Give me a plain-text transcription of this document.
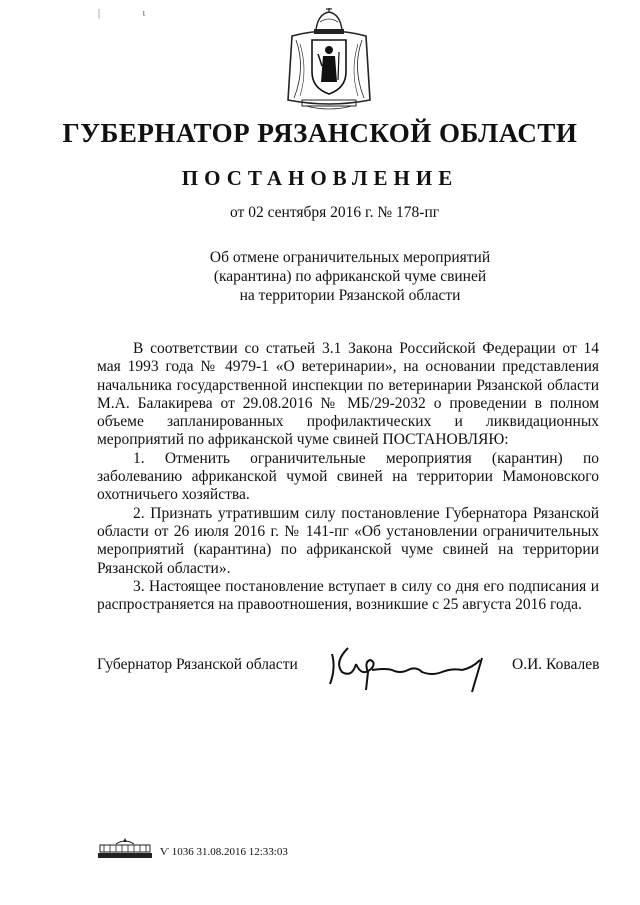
| ι
ГУБЕРНАТОР РЯЗАНСКОЙ ОБЛАСТИ
ПОСТАНОВЛЕНИЕ
от 02 сентября 2016 г. № 178-пг
Об отмене ограничительных мероприятий
(карантина) по африканской чуме свиней
на территории Рязанской области

В соответствии со статьей 3.1 Закона Российской Федерации от 14 мая 1993 года № 4979-1 «О ветеринарии», на основании представления начальника государственной инспекции по ветеринарии Рязанской области М.А. Балакирева от 29.08.2016 № МБ/29-2032 о проведении в полном объеме запланированных профилактических и ликвидационных мероприятий по африканской чуме свиней ПОСТАНОВЛЯЮ:

1. Отменить ограничительные мероприятия (карантин) по заболеванию африканской чумой свиней на территории Мамоновского охотничьего хозяйства.

2. Признать утратившим силу постановление Губернатора Рязанской области от 26 июля 2016 г. № 141-пг «Об установлении ограничительных мероприятий (карантина) по африканской чуме свиней на территории Рязанской области».

3. Настоящее постановление вступает в силу со дня его подписания и распространяется на правоотношения, возникшие с 25 августа 2016 года.

Губернатор Рязанской области	О.И. Ковалев
Ѵ 1036 31.08.2016 12:33:03
